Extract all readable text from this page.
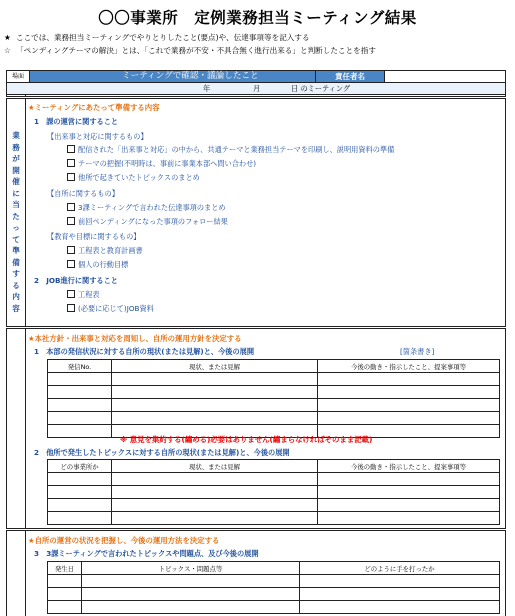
〇〇事業所　定例業務担当ミーティング結果
★ ここでは、業務担当ミーティングでやりとりしたこと(要点)や、伝達事項等を記入する
☆ 「ペンディングテーマの解決」とは、「これで業務が不安・不具合無く進行出来る」と判断したことを指す
場面	ミーティングで確認・議論したこと	責任者名
年	月	日 のミーティング
業務が開催に当たって準備する内容
★ミーティングにあたって準備する内容
1　課の運営に関すること
【出来事と対応に関するもの】
配信された「出来事と対応」の中から、共通テーマと業務担当テーマを印刷し、説明用資料の準備
テーマの把握(不明時は、事前に事業本部へ問い合わせ)
他所で起きていたトピックスのまとめ
【自所に関するもの】
3課ミーティングで言われた伝達事項のまとめ
前回ペンディングになった事項のフォロー結果
【教育や目標に関するもの】
工程表と教育計画書
個人の行動目標
2　JOB進行に関すること
工程表
(必要に応じて)JOB資料
★本社方針・出来事と対応を周知し、自所の運用方針を決定する
1　本部の発信状況に対する自所の現状(または見解)と、今後の展開	[箇条書き]
発信No.	現状、または見解	今後の動き・指示したこと、提案事項等

※ 意見を集約する(纏める)必要はありません(纏まらなければそのまま記載)
2　他所で発生したトピックスに対する自所の現状(または見解)と、今後の展開
どの事業所か	現状、または見解	今後の動き・指示したこと、提案事項等

★自所の運営の状況を把握し、今後の運用方法を決定する
3　3課ミーティングで言われたトピックスや問題点、及び今後の展開
発生日	トピックス・問題点等	どのように手を打ったか
